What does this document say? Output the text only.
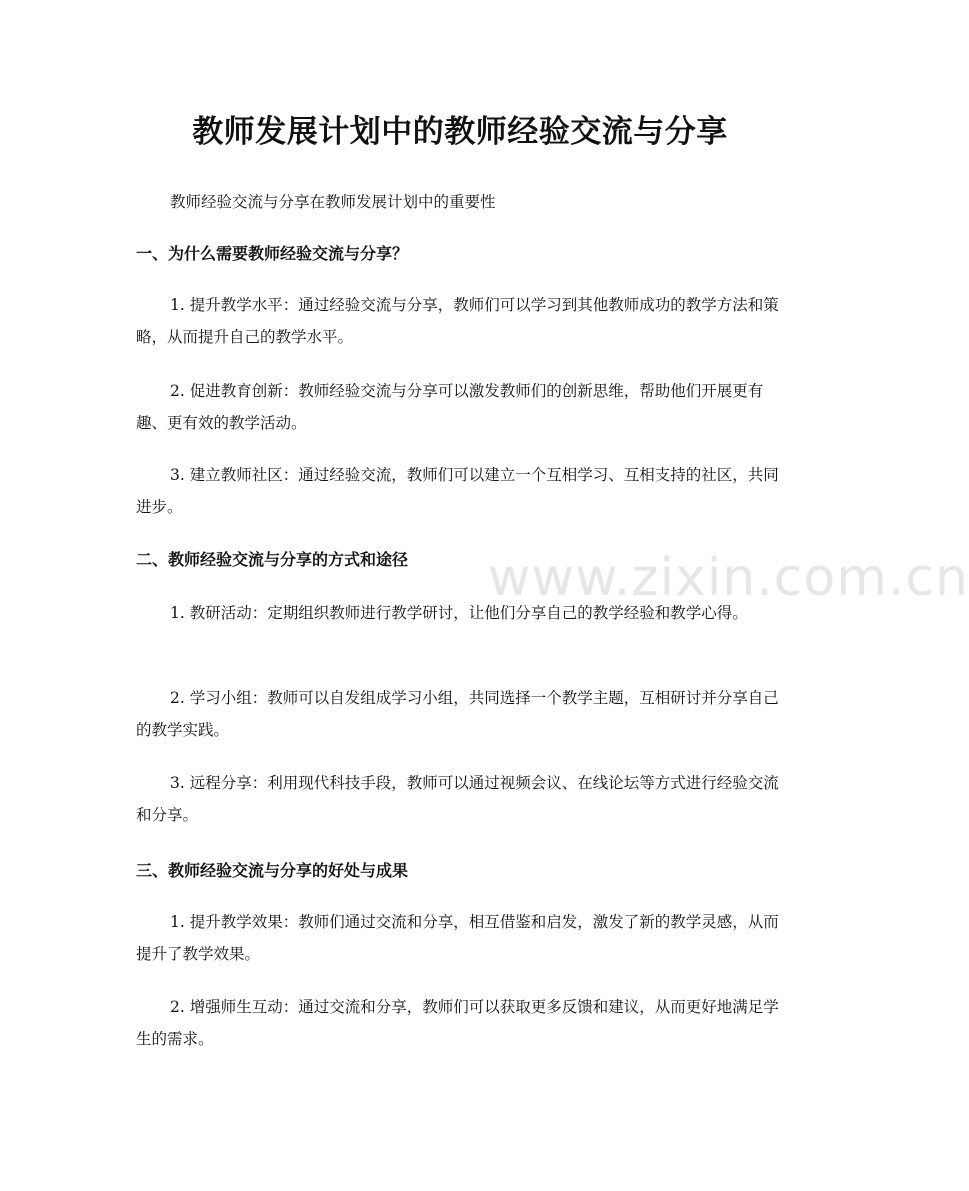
教师发展计划中的教师经验交流与分享

教师经验交流与分享在教师发展计划中的重要性

一、为什么需要教师经验交流与分享？

1. 提升教学水平：通过经验交流与分享，教师们可以学习到其他教师成功的教学方法和策略，从而提升自己的教学水平。

2. 促进教育创新：教师经验交流与分享可以激发教师们的创新思维，帮助他们开展更有趣、更有效的教学活动。

3. 建立教师社区：通过经验交流，教师们可以建立一个互相学习、互相支持的社区，共同进步。

二、教师经验交流与分享的方式和途径

1. 教研活动：定期组织教师进行教学研讨，让他们分享自己的教学经验和教学心得。

2. 学习小组：教师可以自发组成学习小组，共同选择一个教学主题，互相研讨并分享自己的教学实践。

3. 远程分享：利用现代科技手段，教师可以通过视频会议、在线论坛等方式进行经验交流和分享。

三、教师经验交流与分享的好处与成果

1. 提升教学效果：教师们通过交流和分享，相互借鉴和启发，激发了新的教学灵感，从而提升了教学效果。

2. 增强师生互动：通过交流和分享，教师们可以获取更多反馈和建议，从而更好地满足学生的需求。

www.zixin.com.cn
